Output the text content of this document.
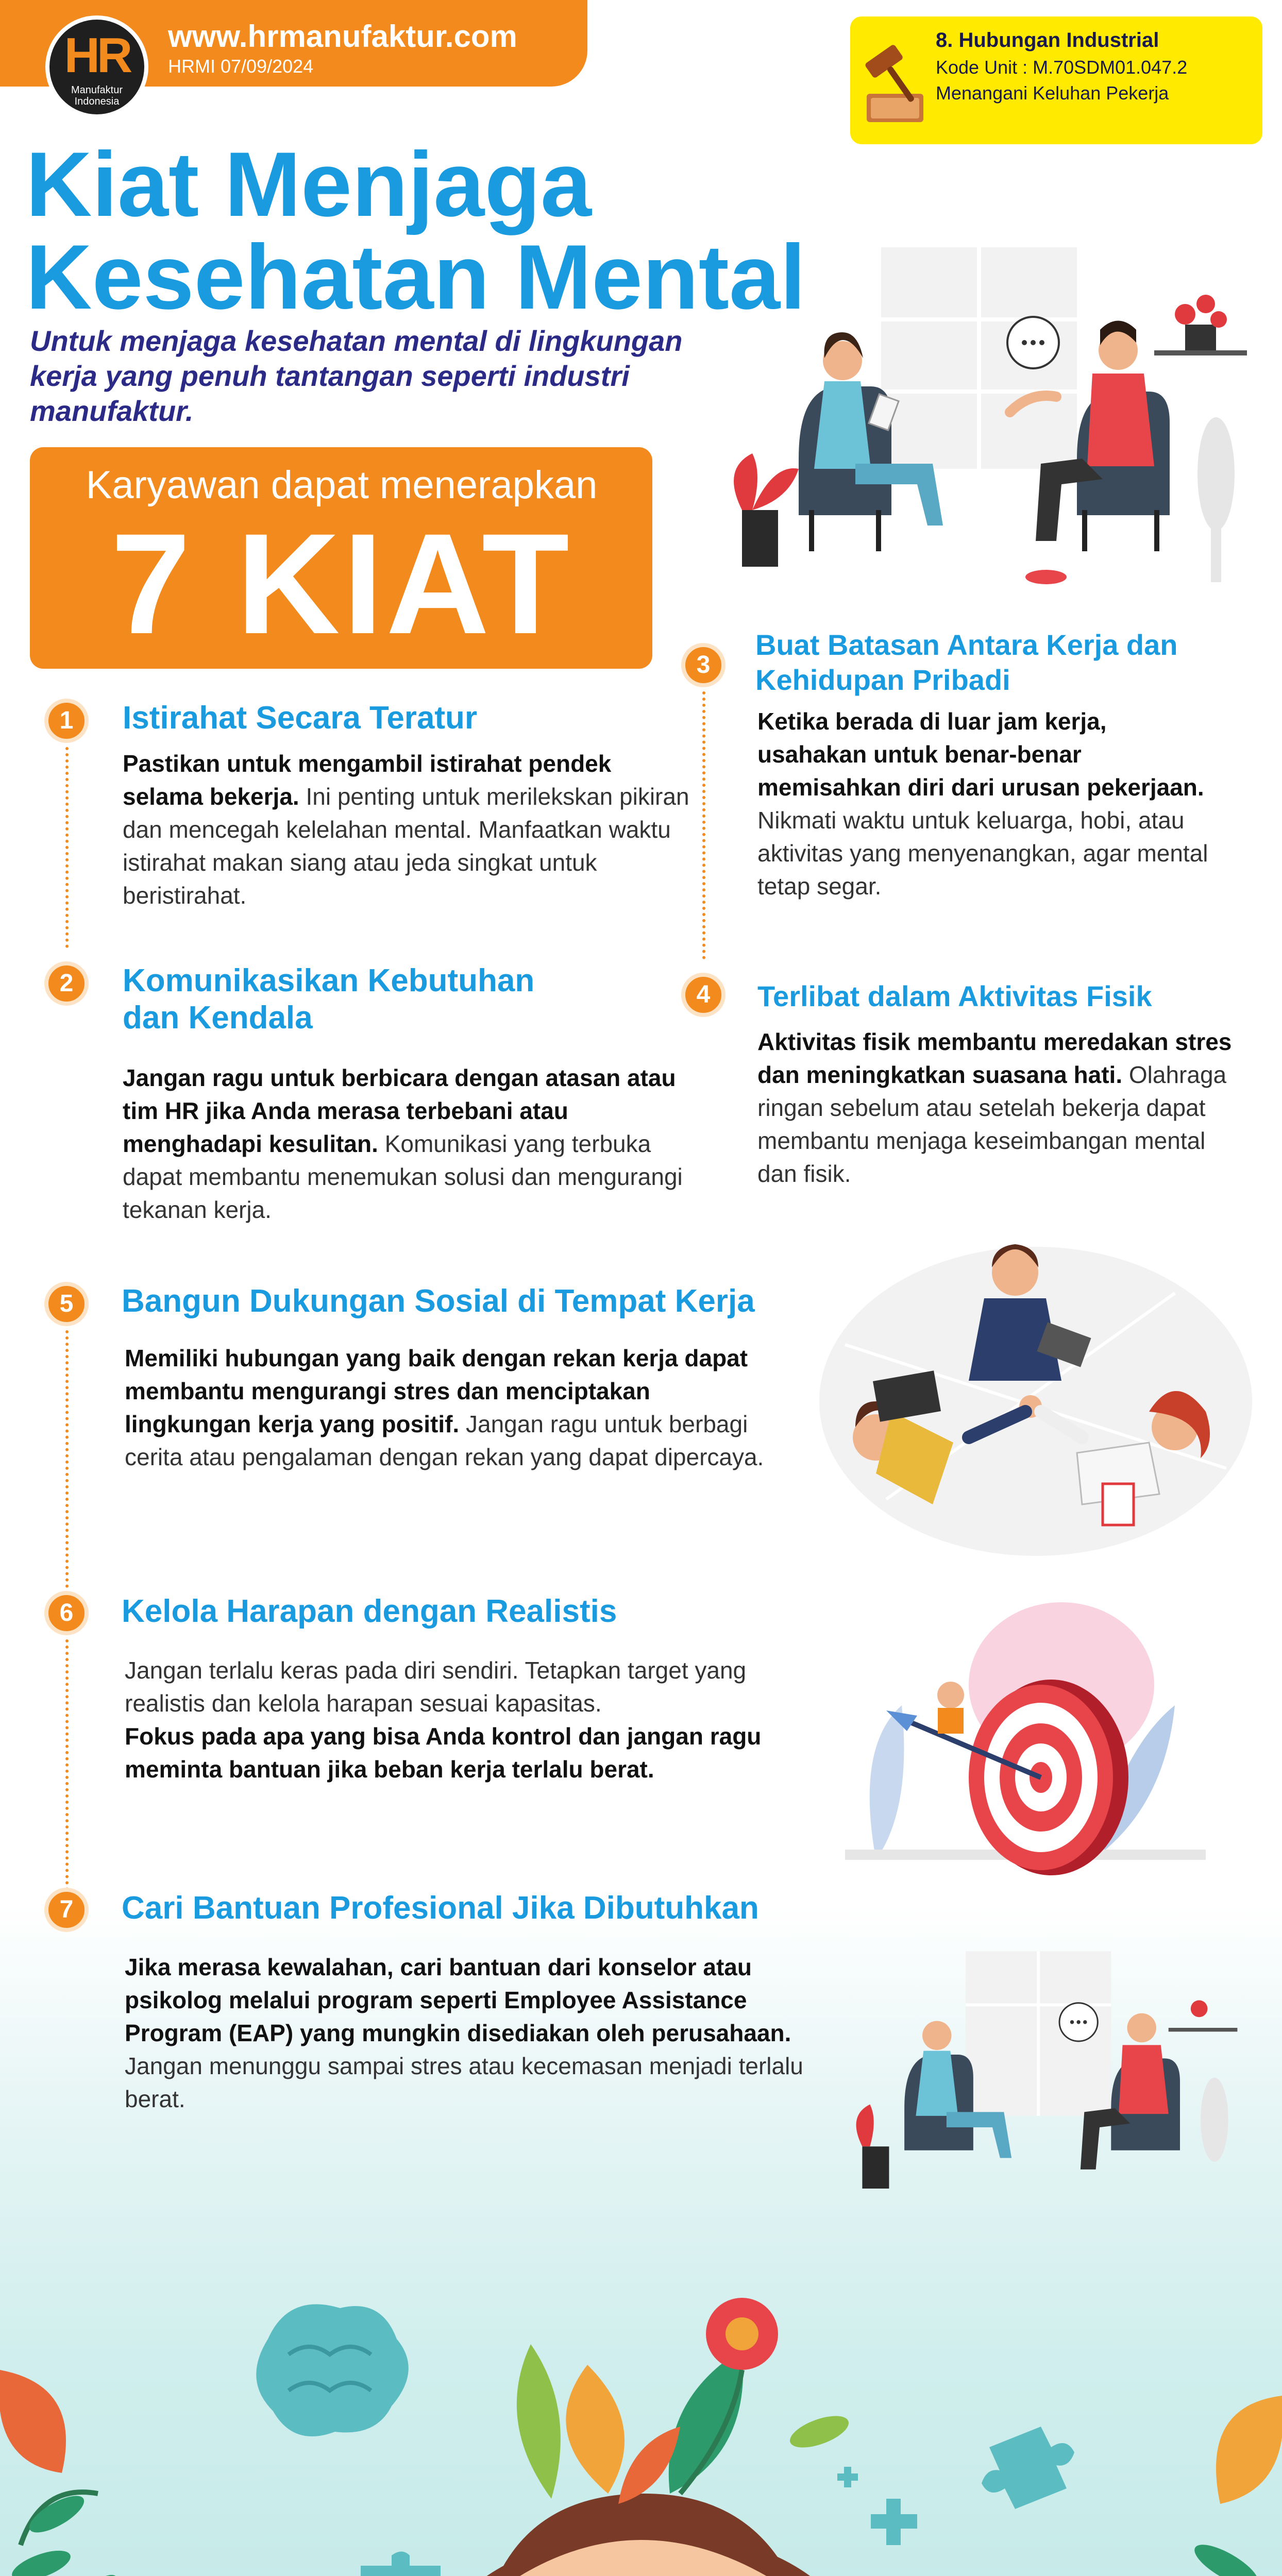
HR
Manufaktur Indonesia
www.hrmanufaktur.com
HRMI 07/09/2024
8. Hubungan Industrial
Kode Unit : M.70SDM01.047.2
Menangani Keluhan Pekerja
Kiat Menjaga
Kesehatan Mental

Untuk menjaga kesehatan mental di lingkungan kerja yang penuh tantangan seperti industri manufaktur.

Karyawan dapat menerapkan
7 KIAT
1	Istirahat Secara Teratur

Pastikan untuk mengambil istirahat pendek selama bekerja. Ini penting untuk merilekskan pikiran dan mencegah kelelahan mental. Manfaatkan waktu istirahat makan siang atau jeda singkat untuk beristirahat.

2	Komunikasikan Kebutuhan dan Kendala

Jangan ragu untuk berbicara dengan atasan atau tim HR jika Anda merasa terbebani atau menghadapi kesulitan. Komunikasi yang terbuka dapat membantu menemukan solusi dan mengurangi tekanan kerja.

3
Buat Batasan Antara Kerja dan Kehidupan Pribadi

Ketika berada di luar jam kerja, usahakan untuk benar-benar memisahkan diri dari urusan pekerjaan. Nikmati waktu untuk keluarga, hobi, atau aktivitas yang menyenangkan, agar mental tetap segar.

4	Terlibat dalam Aktivitas Fisik

Aktivitas fisik membantu meredakan stres dan meningkatkan suasana hati. Olahraga ringan sebelum atau setelah bekerja dapat membantu menjaga keseimbangan mental dan fisik.

5	Bangun Dukungan Sosial di Tempat Kerja

Memiliki hubungan yang baik dengan rekan kerja dapat membantu mengurangi stres dan menciptakan lingkungan kerja yang positif. Jangan ragu untuk berbagi cerita atau pengalaman dengan rekan yang dapat dipercaya.

6	Kelola Harapan dengan Realistis

Jangan terlalu keras pada diri sendiri. Tetapkan target yang realistis dan kelola harapan sesuai kapasitas.
Fokus pada apa yang bisa Anda kontrol dan jangan ragu meminta bantuan jika beban kerja terlalu berat.

7	Cari Bantuan Profesional Jika Dibutuhkan

Jika merasa kewalahan, cari bantuan dari konselor atau psikolog melalui program seperti Employee Assistance Program (EAP) yang mungkin disediakan oleh perusahaan. Jangan menunggu sampai stres atau kecemasan menjadi terlalu berat.
